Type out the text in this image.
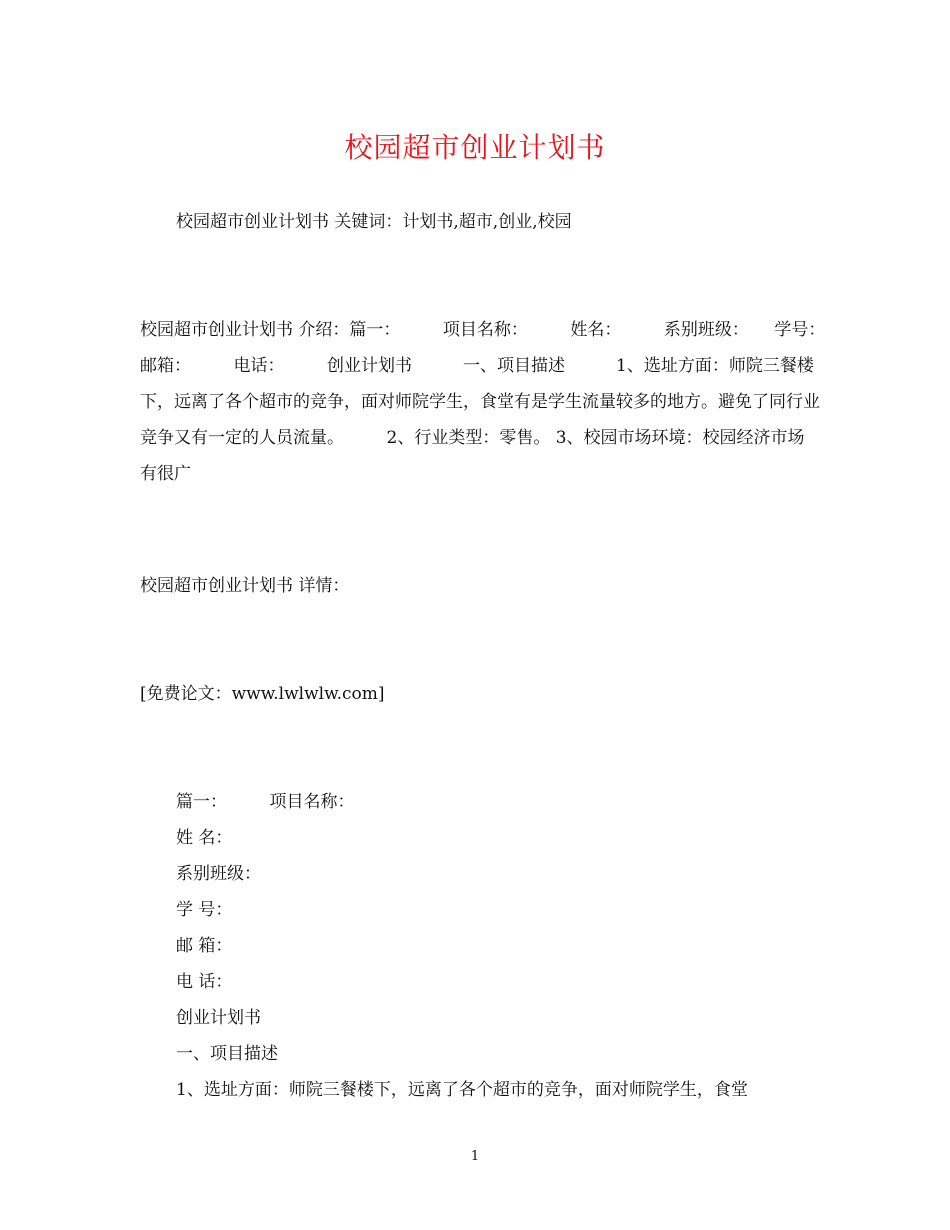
校园超市创业计划书
校园超市创业计划书 关键词：计划书,超市,创业,校园
校园超市创业计划书 介绍：篇一：　　　项目名称：　　　姓名：　　　系别班级：　　学号：　　　邮箱：　　　电话：　　　创业计划书　　　一、项目描述　　　1、选址方面：师院三餐楼下，远离了各个超市的竞争，面对师院学生，食堂有是学生流量较多的地方。避免了同行业竞争又有一定的人员流量。　　　2、行业类型：零售。 3、校园市场环境：校园经济市场有很广
校园超市创业计划书 详情：
[免费论文：www.lwlwlw.com]
篇一：　　　项目名称：
姓 名：
系别班级：
学 号：
邮 箱：
电 话：
创业计划书
一、项目描述
1、选址方面：师院三餐楼下，远离了各个超市的竞争，面对师院学生，食堂
1
